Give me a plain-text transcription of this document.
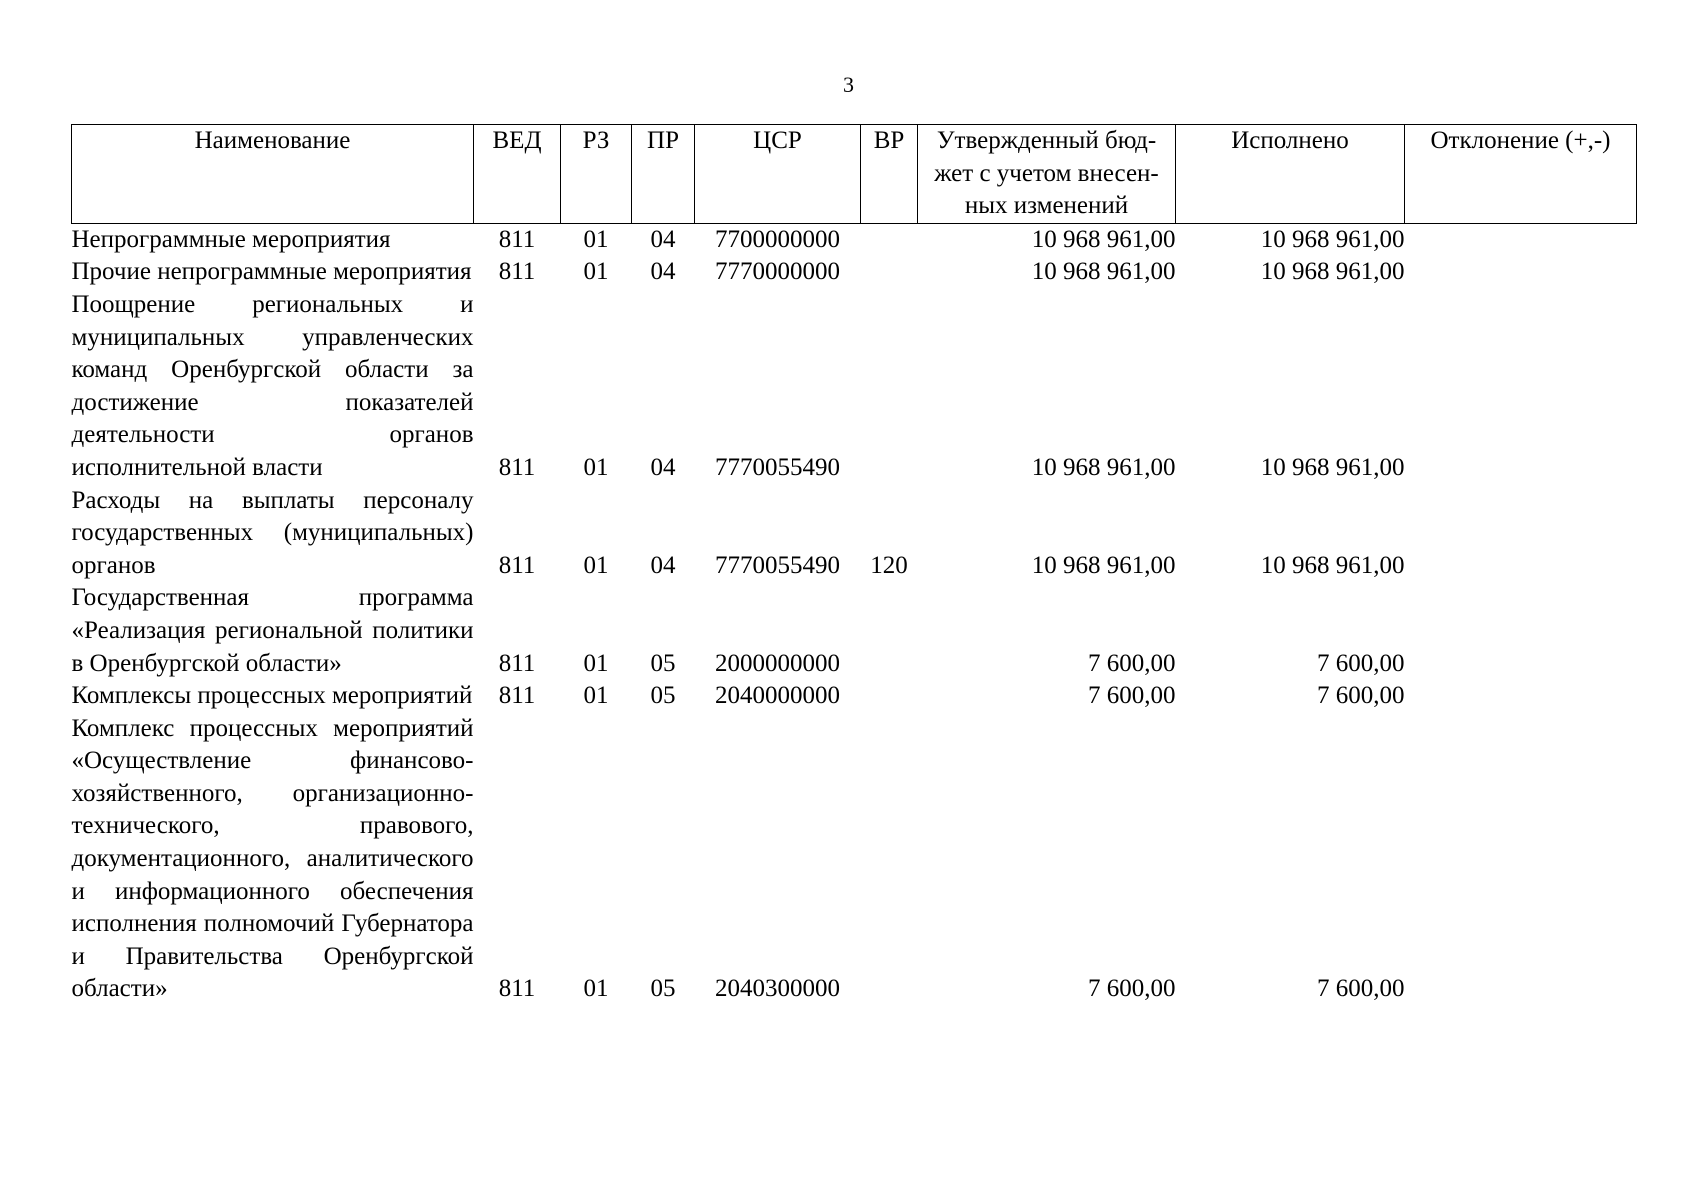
3
Наименование	ВЕД	РЗ	ПР	ЦСР	ВР	Утвержденный бюд-жет с учетом внесен-ных изменений	Исполнено	Отклонение (+,-)
Непрограммные мероприятия	811	01	04	7700000000		10 968 961,00	10 968 961,00	
Прочие непрограммные мероприятия	811	01	04	7770000000		10 968 961,00	10 968 961,00	
Поощрение региональных и муниципальных управленческих команд Оренбургской области за достижение показателей деятельности органов исполнительной власти	811	01	04	7770055490		10 968 961,00	10 968 961,00	
Расходы на выплаты персоналу государственных (муниципальных) органов	811	01	04	7770055490	120	10 968 961,00	10 968 961,00	
Государственная программа «Реализация региональной политики в Оренбургской области»	811	01	05	2000000000		7 600,00	7 600,00	
Комплексы процессных мероприятий	811	01	05	2040000000		7 600,00	7 600,00	
Комплекс процессных мероприятий «Осуществление финансово-хозяйственного, организационно-технического, правового, документационного, аналитического и информационного обеспечения исполнения полномочий Губернатора и Правительства Оренбургской области»	811	01	05	2040300000		7 600,00	7 600,00	
